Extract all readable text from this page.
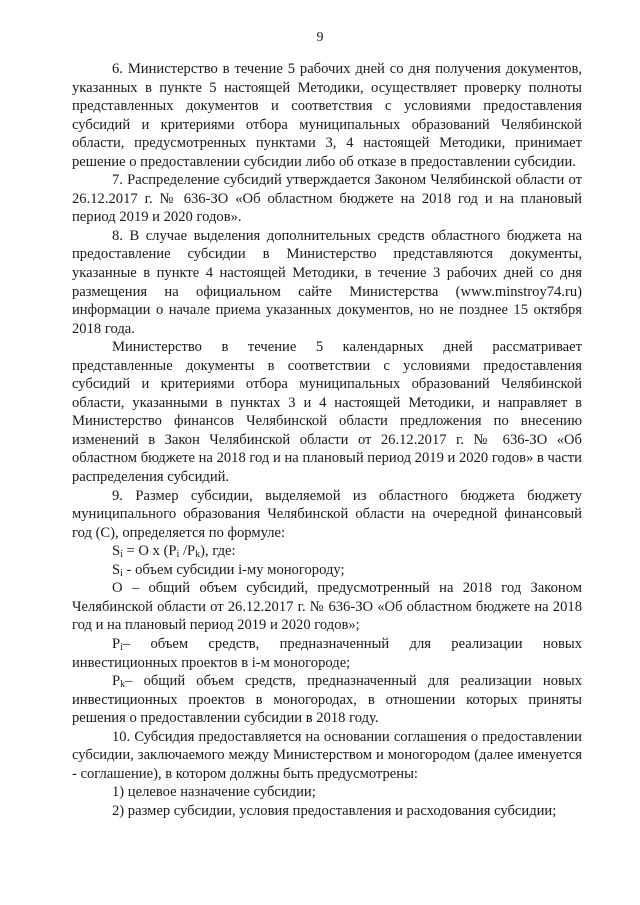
9

6. Министерство в течение 5 рабочих дней со дня получения документов, указанных в пункте 5 настоящей Методики, осуществляет проверку полноты представленных документов и соответствия с условиями предоставления субсидий и критериями отбора муниципальных образований Челябинской области, предусмотренных пунктами 3, 4 настоящей Методики, принимает решение о предоставлении субсидии либо об отказе в предоставлении субсидии.

7. Распределение субсидий утверждается Законом Челябинской области от 26.12.2017 г. № 636-ЗО «Об областном бюджете на 2018 год и на плановый период 2019 и 2020 годов».

8. В случае выделения дополнительных средств областного бюджета на предоставление субсидии в Министерство представляются документы, указанные в пункте 4 настоящей Методики, в течение 3 рабочих дней со дня размещения на официальном сайте Министерства (www.minstroy74.ru) информации о начале приема указанных документов, но не позднее 15 октября 2018 года.

Министерство в течение 5 календарных дней рассматривает представленные документы в соответствии с условиями предоставления субсидий и критериями отбора муниципальных образований Челябинской области, указанными в пунктах 3 и 4 настоящей Методики, и направляет в Министерство финансов Челябинской области предложения по внесению изменений в Закон Челябинской области от 26.12.2017 г. № 636-ЗО «Об областном бюджете на 2018 год и на плановый период 2019 и 2020 годов» в части распределения субсидий.

9. Размер субсидии, выделяемой из областного бюджета бюджету муниципального образования Челябинской области на очередной финансовый год (С), определяется по формуле:

$S_i = О$ х ($Р_i$ $/Р_k$), где:

$S_i$ - объем субсидии i-му моногороду;

О – общий объем субсидий, предусмотренный на 2018 год Законом Челябинской области от 26.12.2017 г. № 636-ЗО «Об областном бюджете на 2018 год и на плановый период 2019 и 2020 годов»;

$Р_i-$ объем средств, предназначенный для реализации новых инвестиционных проектов в i-м моногороде;

$Р_k-$ общий объем средств, предназначенный для реализации новых инвестиционных проектов в моногородах, в отношении которых приняты решения о предоставлении субсидии в 2018 году.

10. Субсидия предоставляется на основании соглашения о предоставлении субсидии, заключаемого между Министерством и моногородом (далее именуется - соглашение), в котором должны быть предусмотрены:

1) целевое назначение субсидии;

2) размер субсидии, условия предоставления и расходования субсидии;
